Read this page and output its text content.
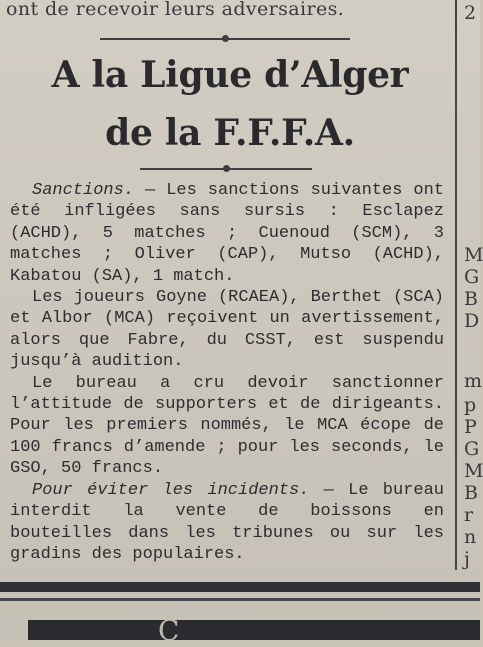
ont de recevoir leurs adversaires.	2
M
G
B
D
m
p
P
G
M
B
r
n
j
A la Ligue d’Alger
de la F.F.F.A.

Sanctions. — Les sanctions suivantes ont été infligées sans sursis : Esclapez (ACHD), 5 matches ; Cuenoud (SCM), 3 matches ; Oliver (CAP), Mutso (ACHD), Kabatou (SA), 1 match.

Les joueurs Goyne (RCAEA), Berthet (SCA) et Albor (MCA) reçoivent un avertissement, alors que Fabre, du CSST, est suspendu jusqu’à audition.

Le bureau a cru devoir sanctionner l’attitude de supporters et de dirigeants. Pour les premiers nommés, le MCA écope de 100 francs d’amende ; pour les seconds, le GSO, 50 francs.

Pour éviter les incidents. — Le bureau interdit la vente de boissons en bouteilles dans les tribunes ou sur les gradins des populaires.

C
